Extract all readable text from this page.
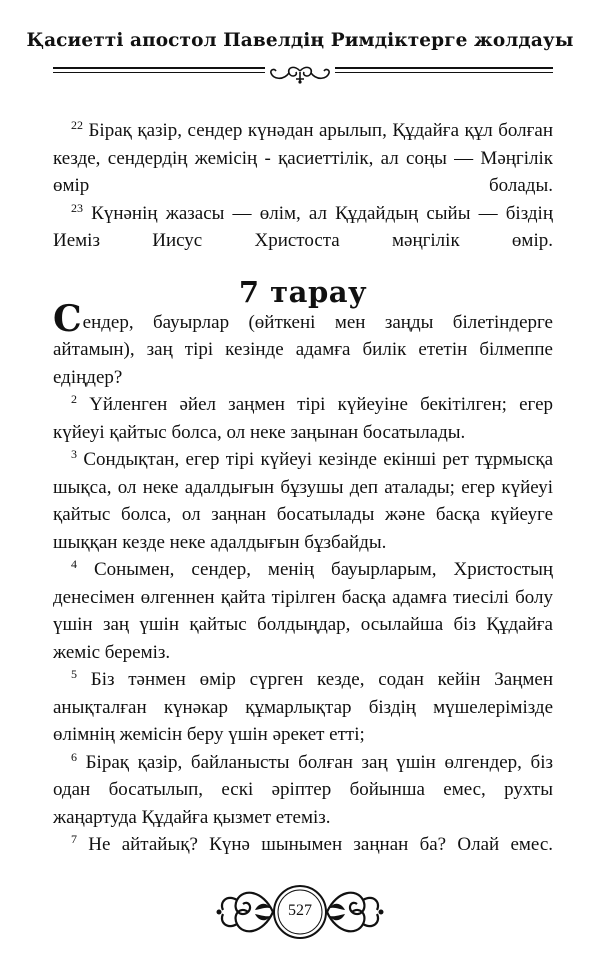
Қасиетті апостол Павелдің Римдіктерге жолдауы

$^{22}$ Бірақ қазір, сендер күнәдан арылып, Құдайға құл болған кезде, сендердің жемісің - қасиеттілік, ал соңы — Мәңгілік өмір болады.

$^{23}$ Күнәнің жазасы — өлім, ал Құдайдың сыйы — біздің Иеміз Иисус Христоста мәңгілік өмір.

7 тарау

Сендер, бауырлар (өйткені мен заңды білетіндерге айтамын), заң тірі кезінде адамға билік ететін білмеппе едіңдер?

$^2$ Үйленген әйел заңмен тірі күйеуіне бекітілген; егер күйеуі қайтыс болса, ол неке заңынан босатылады.

$^3$ Сондықтан, егер тірі күйеуі кезінде екінші рет тұрмысқа шықса, ол неке адалдығын бұзушы деп аталады; егер күйеуі қайтыс болса, ол заңнан босатылады және басқа күйеуге шыққан кезде неке адалдығын бұзбайды.

$^4$ Сонымен, сендер, менің бауырларым, Христостың денесімен өлгеннен қайта тірілген басқа адамға тиесілі болу үшін заң үшін қайтыс болдыңдар, осылайша біз Құдайға жеміс береміз.

$^5$ Біз тәнмен өмір сүрген кезде, содан кейін Заңмен анықталған күнәкар құмарлықтар біздің мүшелерімізде өлімнің жемісін беру үшін әрекет етті;

$^6$ Бірақ қазір, байланысты болған заң үшін өлгендер, біз одан босатылып, ескі әріптер бойынша емес, рухты жаңартуда Құдайға қызмет етеміз.

$^7$ Не айтайық? Күнә шынымен заңнан ба? Олай емес.

527
